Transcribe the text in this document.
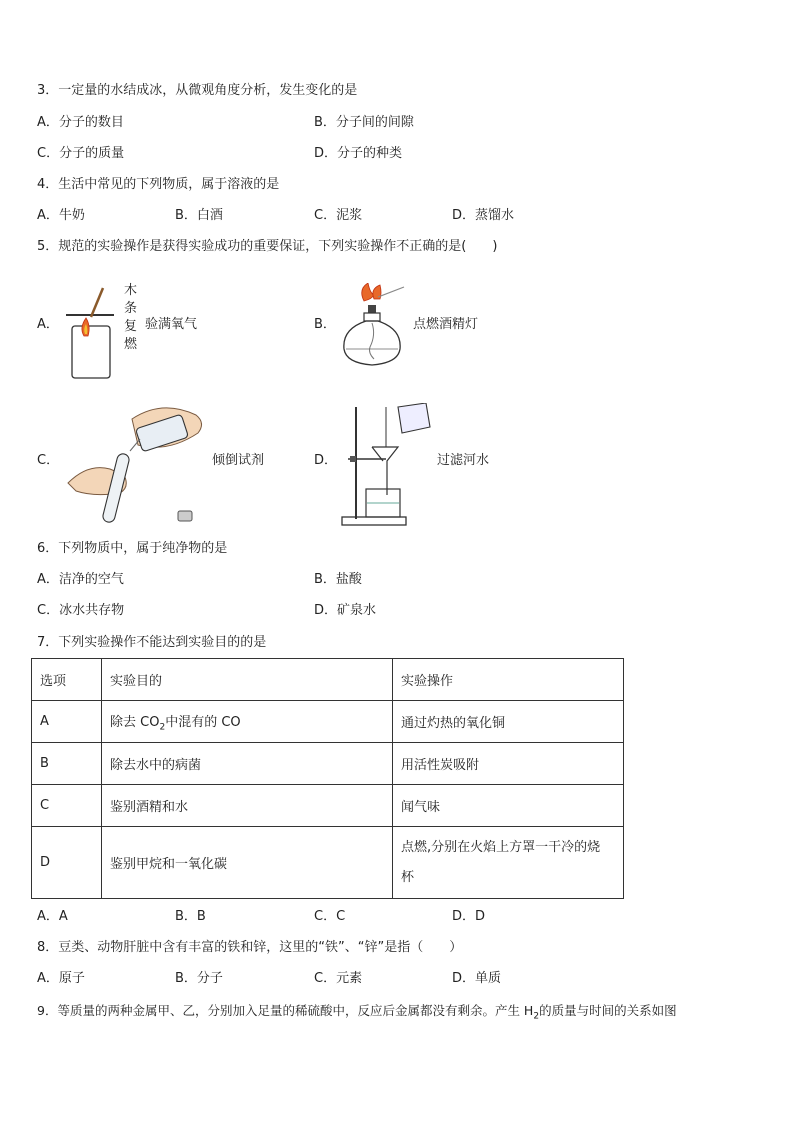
3．一定量的水结成冰，从微观角度分析，发生变化的是
A．分子的数目	B．分子间的间隙
C．分子的质量	D．分子的种类
4．生活中常见的下列物质，属于溶液的是
A．牛奶	B．白酒	C．泥浆	D．蒸馏水
5．规范的实验操作是获得实验成功的重要保证，下列实验操作不正确的是(　　)
A．
木
条
复
燃
验满氧气	B．	点燃酒精灯
C．	倾倒试剂	D．	过滤河水
6．下列物质中，属于纯净物的是
A．洁净的空气	B．盐酸
C．冰水共存物	D．矿泉水
7．下列实验操作不能达到实验目的的是
选项	实验目的	实验操作
A	除去 $CO_2$中混有的 CO	通过灼热的氧化铜
B	除去水中的病菌	用活性炭吸附
C	鉴别酒精和水	闻气味
D	鉴别甲烷和一氧化碳	点燃,分别在火焰上方罩一干冷的烧
杯
A．A	B．B	C．C	D．D
8．豆类、动物肝脏中含有丰富的铁和锌，这里的“铁”、“锌”是指（　　）
A．原子	B．分子	C．元素	D．单质
9．等质量的两种金属甲、乙，分别加入足量的稀硫酸中，反应后金属都没有剩余。产生 $H_2$的质量与时间的关系如图
